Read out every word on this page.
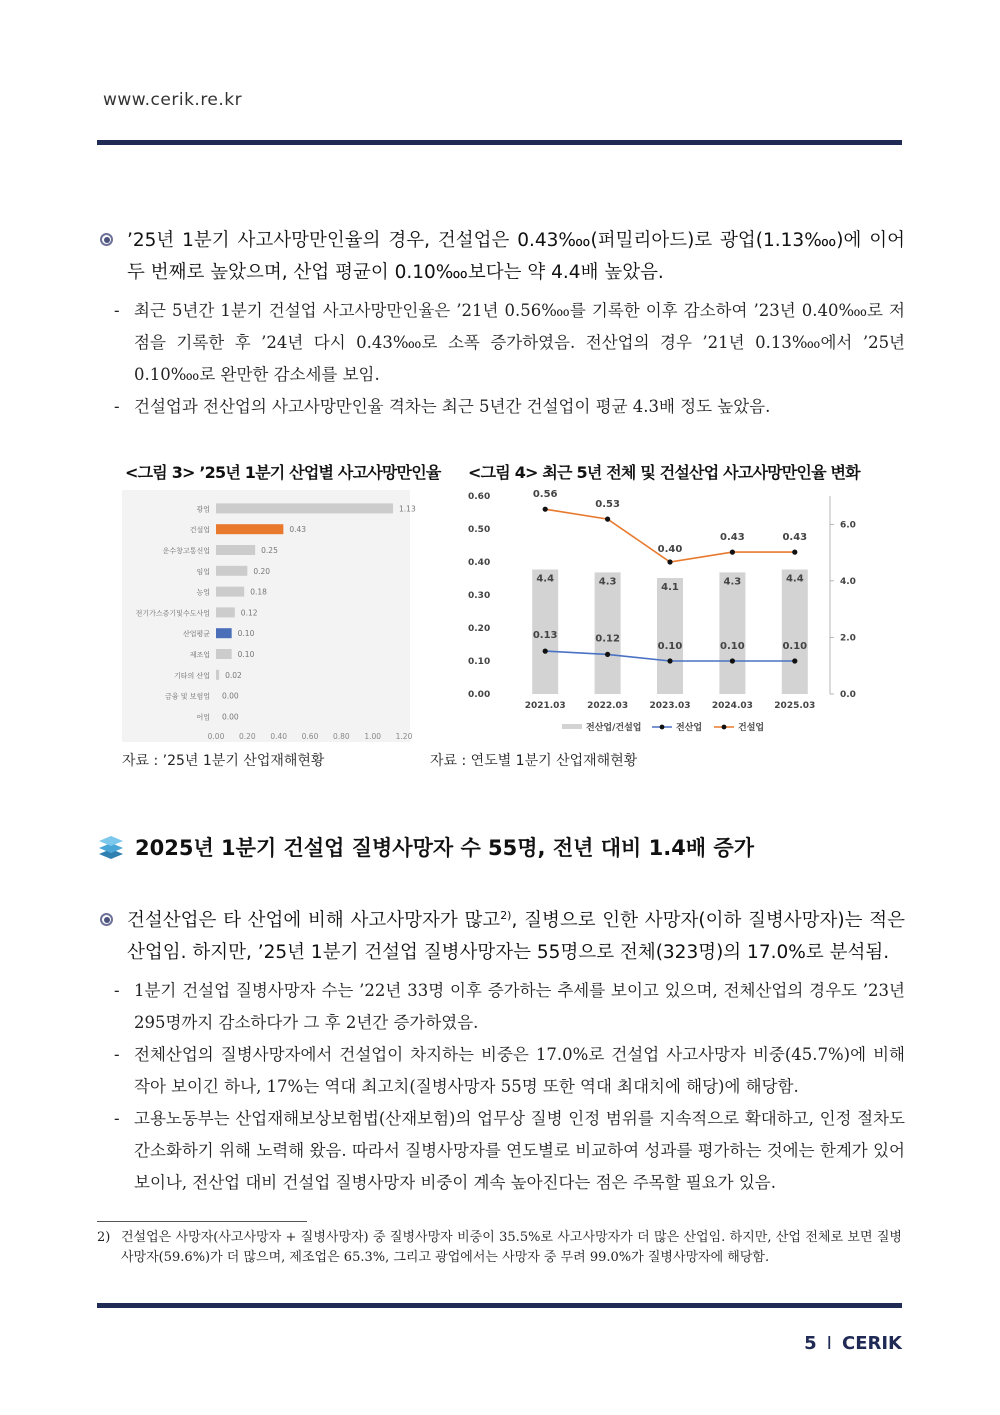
www.cerik.re.kr
’25년 1분기 사고사망만인율의 경우, 건설업은 0.43‱(퍼밀리아드)로 광업(1.13‱)에 이어 두 번째로 높았으며, 산업 평균이 0.10‱보다는 약 4.4배 높았음.
- 최근 5년간 1분기 건설업 사고사망만인율은 ’21년 0.56‱를 기록한 이후 감소하여 ’23년 0.40‱로 저점을 기록한 후 ’24년 다시 0.43‱로 소폭 증가하였음. 전산업의 경우 ’21년 0.13‱에서 ’25년 0.10‱로 완만한 감소세를 보임.
- 건설업과 전산업의 사고사망만인율 격차는 최근 5년간 건설업이 평균 4.3배 정도 높았음.
<그림 3> ’25년 1분기 산업별 사고사망만인율
광업	1.13
건설업	0.43
운수창고통신업	0.25
임업	0.20
농업	0.18
전기가스증기및수도사업	0.12
산업평균	0.10
제조업	0.10
기타의 산업 0.02
금융 및 보험업 0.00
어업 0.00
0.00 0.20 0.40 0.60 0.80 1.00 1.20
자료 : ’25년 1분기 산업재해현황
<그림 4> 최근 5년 전체 및 건설산업 사고사망만인율 변화
0.00
0.10
0.20
0.30
0.40
0.50
0.60
0.0
2.0
4.0
6.0
4.4
2021.03
4.3
2022.03
4.1
2023.03
4.3
2024.03
4.4
2025.03
0.13	0.12
0.10	0.10	0.10
0.56
0.53
0.40
0.43	0.43
전산업/건설업	전산업	건설업
자료 : 연도별 1분기 산업재해현황
2025년 1분기 건설업 질병사망자 수 55명, 전년 대비 1.4배 증가
건설산업은 타 산업에 비해 사고사망자가 많고$^{2)}$, 질병으로 인한 사망자(이하 질병사망자)는 적은 산업임. 하지만, ’25년 1분기 건설업 질병사망자는 55명으로 전체(323명)의 17.0%로 분석됨.
- 1분기 건설업 질병사망자 수는 ’22년 33명 이후 증가하는 추세를 보이고 있으며, 전체산업의 경우도 ’23년 295명까지 감소하다가 그 후 2년간 증가하였음.
- 전체산업의 질병사망자에서 건설업이 차지하는 비중은 17.0%로 건설업 사고사망자 비중(45.7%)에 비해 작아 보이긴 하나, 17%는 역대 최고치(질병사망자 55명 또한 역대 최대치에 해당)에 해당함.
- 고용노동부는 산업재해보상보험법(산재보험)의 업무상 질병 인정 범위를 지속적으로 확대하고, 인정 절차도 간소화하기 위해 노력해 왔음. 따라서 질병사망자를 연도별로 비교하여 성과를 평가하는 것에는 한계가 있어 보이나, 전산업 대비 건설업 질병사망자 비중이 계속 높아진다는 점은 주목할 필요가 있음.
2) 건설업은 사망자(사고사망자 + 질병사망자) 중 질병사망자 비중이 35.5%로 사고사망자가 더 많은 산업임. 하지만, 산업 전체로 보면 질병사망자(59.6%)가 더 많으며, 제조업은 65.3%, 그리고 광업에서는 사망자 중 무려 99.0%가 질병사망자에 해당함.
5 I CERIK
